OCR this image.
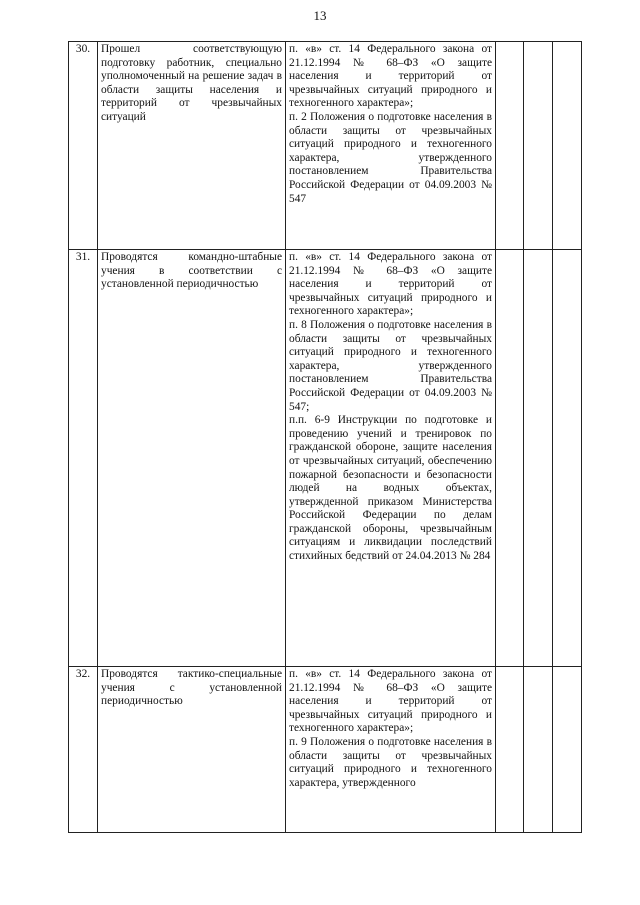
13
30.	Прошел соответствующую подготовку работник, специально уполномоченный на решение задач в области защиты населения и территорий от чрезвычайных ситуаций	п. «в» ст. 14 Федерального закона от 21.12.1994 № 68–ФЗ «О защите населения и территорий от чрезвычайных ситуаций природного и техногенного характера»;
п. 2 Положения о подготовке населения в области защиты от чрезвычайных ситуаций природного и техногенного характера, утвержденного постановлением Правительства Российской Федерации от 04.09.2003 № 547			

31.	Проводятся командно-штабные учения в соответствии с установленной периодичностью	п. «в» ст. 14 Федерального закона от 21.12.1994 № 68–ФЗ «О защите населения и территорий от чрезвычайных ситуаций природного и техногенного характера»;
п. 8 Положения о подготовке населения в области защиты от чрезвычайных ситуаций природного и техногенного характера, утвержденного постановлением Правительства Российской Федерации от 04.09.2003 № 547;
п.п. 6-9 Инструкции по подготовке и проведению учений и тренировок по гражданской обороне, защите населения от чрезвычайных ситуаций, обеспечению пожарной безопасности и безопасности людей на водных объектах, утвержденной приказом Министерства Российской Федерации по делам гражданской обороны, чрезвычайным ситуациям и ликвидации последствий стихийных бедствий от 24.04.2013 № 284			

32.	Проводятся тактико-специальные учения с установленной периодичностью	п. «в» ст. 14 Федерального закона от 21.12.1994 № 68–ФЗ «О защите населения и территорий от чрезвычайных ситуаций природного и техногенного характера»;
п. 9 Положения о подготовке населения в области защиты от чрезвычайных ситуаций природного и техногенного характера, утвержденного			
